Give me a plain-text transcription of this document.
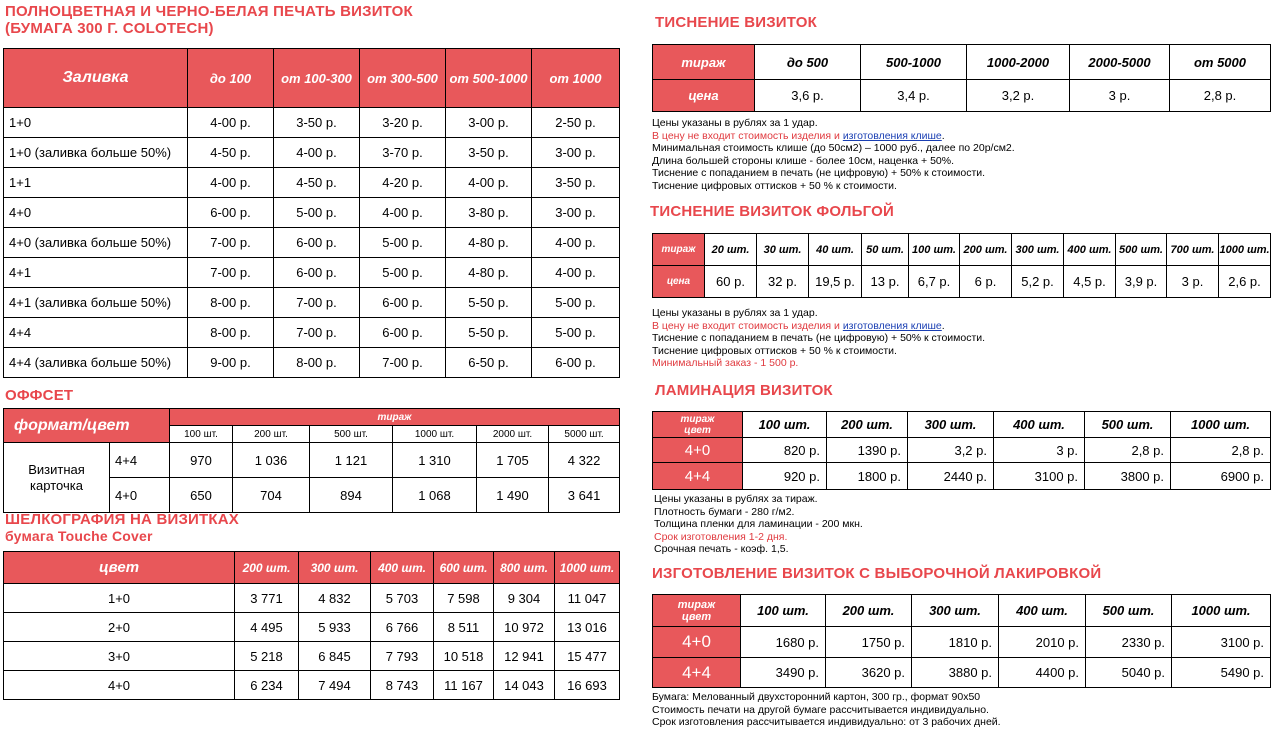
ПОЛНОЦВЕТНАЯ И ЧЕРНО-БЕЛАЯ ПЕЧАТЬ ВИЗИТОК
(БУМАГА 300 Г. COLOTECH)
Заливка	до 100	от 100-300	от 300-500	от 500-1000	от 1000
1+0	4-00 р.	3-50 р.	3-20 р.	3-00 р.	2-50 р.
1+0 (заливка больше 50%)	4-50 р.	4-00 р.	3-70 р.	3-50 р.	3-00 р.
1+1	4-00 р.	4-50 р.	4-20 р.	4-00 р.	3-50 р.
4+0	6-00 р.	5-00 р.	4-00 р.	3-80 р.	3-00 р.
4+0 (заливка больше 50%)	7-00 р.	6-00 р.	5-00 р.	4-80 р.	4-00 р.
4+1	7-00 р.	6-00 р.	5-00 р.	4-80 р.	4-00 р.
4+1 (заливка больше 50%)	8-00 р.	7-00 р.	6-00 р.	5-50 р.	5-00 р.
4+4	8-00 р.	7-00 р.	6-00 р.	5-50 р.	5-00 р.
4+4 (заливка больше 50%)	9-00 р.	8-00 р.	7-00 р.	6-50 р.	6-00 р.
ОФФСЕТ
формат/цвет		тираж					
		100 шт.	200 шт.	500 шт.	1000 шт.	2000 шт.	5000 шт.

Визитная
карточка	4+4	970	1 036	1 121	1 310	1 705	4 322
	4+0	650	704	894	1 068	1 490	3 641
ШЕЛКОГРАФИЯ НА ВИЗИТКАХ
бумага Touche Cover
цвет	200 шт.	300 шт.	400 шт.	600 шт.	800 шт.	1000 шт.
1+0	3 771	4 832	5 703	7 598	9 304	11 047
2+0	4 495	5 933	6 766	8 511	10 972	13 016
3+0	5 218	6 845	7 793	10 518	12 941	15 477
4+0	6 234	7 494	8 743	11 167	14 043	16 693
ТИСНЕНИЕ ВИЗИТОК
тираж	до 500	500-1000	1000-2000	2000-5000	от 5000
цена	3,6 р.	3,4 р.	3,2 р.	3 р.	2,8 р.
Цены указаны в рублях за 1 удар.
В цену не входит стоимость изделия и изготовления клише.
Минимальная стоимость клише (до 50см2) – 1000 руб., далее по 20р/см2.
Длина большей стороны клише - более 10см, наценка + 50%.
Тиснение с попаданием в печать (не цифровую) + 50% к стоимости.
Тиснение цифровых оттисков + 50 % к стоимости.
ТИСНЕНИЕ ВИЗИТОК ФОЛЬГОЙ
тираж	20 шт.	30 шт.	40 шт.	50 шт.	100 шт.	200 шт.	300 шт.	400 шт.	500 шт.	700 шт.	1000 шт.
цена	60 р.	32 р.	19,5 р.	13 р.	6,7 р.	6 р.	5,2 р.	4,5 р.	3,9 р.	3 р.	2,6 р.
Цены указаны в рублях за 1 удар.
В цену не входит стоимость изделия и изготовления клише.
Тиснение с попаданием в печать (не цифровую) + 50% к стоимости.
Тиснение цифровых оттисков + 50 % к стоимости.
Минимальный заказ - 1 500 р.
ЛАМИНАЦИЯ ВИЗИТОК
тираж
цвет	100 шт.	200 шт.	300 шт.	400 шт.	500 шт.	1000 шт.
4+0	820 р.	1390 р.	3,2 р.	3 р.	2,8 р.	2,8 р.
4+4	920 р.	1800 р.	2440 р.	3100 р.	3800 р.	6900 р.
Цены указаны в рублях за тираж.
Плотность бумаги - 280 г/м2.
Толщина пленки для ламинации - 200 мкн.
Срок изготовления 1-2 дня.
Срочная печать - коэф. 1,5.
ИЗГОТОВЛЕНИЕ ВИЗИТОК С ВЫБОРОЧНОЙ ЛАКИРОВКОЙ
тираж
цвет	100 шт.	200 шт.	300 шт.	400 шт.	500 шт.	1000 шт.
4+0	1680 р.	1750 р.	1810 р.	2010 р.	2330 р.	3100 р.
4+4	3490 р.	3620 р.	3880 р.	4400 р.	5040 р.	5490 р.
Бумага: Мелованный двухсторонний картон, 300 гр., формат 90х50
Стоимость печати на другой бумаге рассчитывается индивидуально.
Срок изготовления рассчитывается индивидуально: от 3 рабочих дней.
